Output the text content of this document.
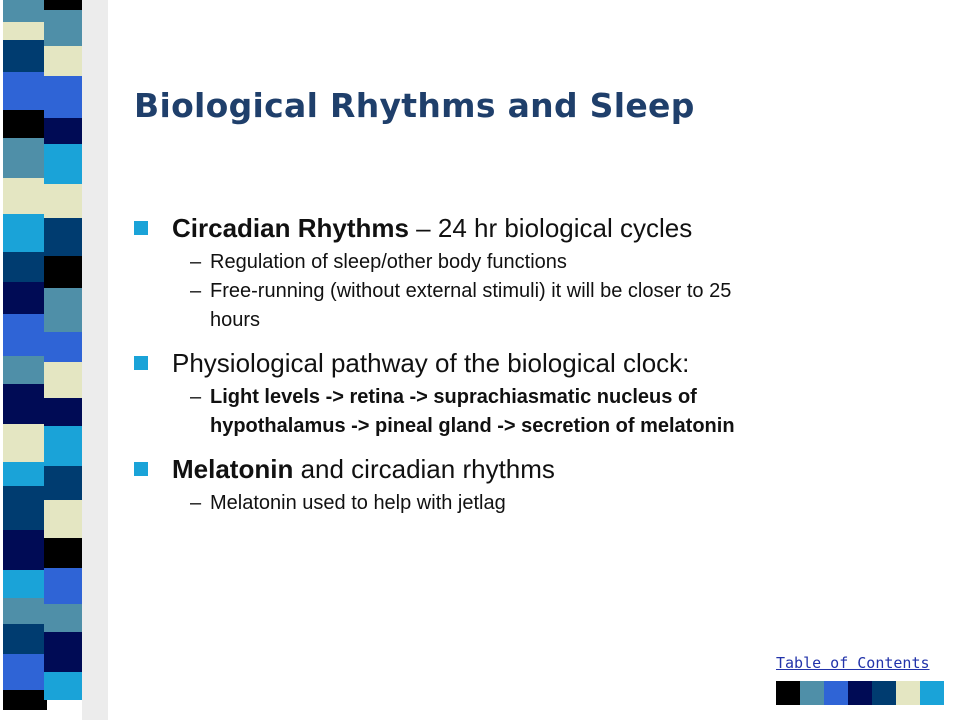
Biological Rhythms and Sleep
Circadian Rhythms – 24 hr biological cycles
– Regulation of sleep/other body functions
– Free-running (without external stimuli) it will be closer to 25
hours
Physiological pathway of the biological clock:
– Light levels -> retina -> suprachiasmatic nucleus of
hypothalamus -> pineal gland -> secretion of melatonin
Melatonin and circadian rhythms
– Melatonin used to help with jetlag
Table of Contents
